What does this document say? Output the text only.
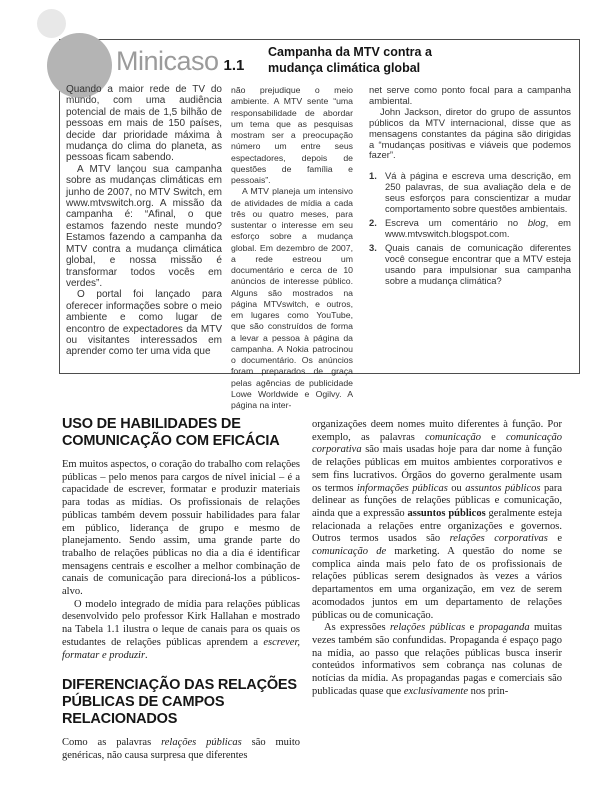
Minicaso 1.1
Campanha da MTV contra a mudança climática global

Quando a maior rede de TV do mundo, com uma audiência potencial de mais de 1,5 bilhão de pessoas em mais de 150 países, decide dar prioridade máxima à mudança do clima do planeta, as pessoas ficam sabendo.

A MTV lançou sua campanha sobre as mudanças climáticas em junho de 2007, no MTV Switch, em www.mtvswitch.org. A missão da campanha é: “Afinal, o que estamos fazendo neste mundo? Estamos fazendo a campanha da MTV contra a mudança climática global, e nossa missão é transformar todos vocês em verdes”.

O portal foi lançado para oferecer informações sobre o meio ambiente e como lugar de encontro de expectadores da MTV ou visitantes interessados em aprender como ter uma vida que

não prejudique o meio ambiente. A MTV sente “uma responsabilidade de abordar um tema que as pesquisas mostram ser a preocupação número um entre seus espectadores, depois de questões de família e pessoais”.

A MTV planeja um intensivo de atividades de mídia a cada três ou quatro meses, para sustentar o interesse em seu esforço sobre a mudança global. Em dezembro de 2007, a rede estreou um documentário e cerca de 10 anúncios de interesse público. Alguns são mostrados na página MTVswitch, e outros, em lugares como YouTube, que são construídos de forma a levar a pessoa à página da campanha. A Nokia patrocinou o documentário. Os anúncios foram preparados de graça pelas agências de publicidade Lowe Worldwide e Ogilvy. A página na inter-

net serve como ponto focal para a campanha ambiental.

John Jackson, diretor do grupo de assuntos públicos da MTV internacional, disse que as mensagens constantes da página são dirigidas a “mudanças positivas e viáveis que podemos fazer”.

1. Vá à página e escreva uma descrição, em 250 palavras, de sua avaliação dela e de seus esforços para conscientizar a mudar comportamento sobre questões ambientais.
2. Escreva um comentário no blog, em www.mtvswitch.blogspot.com.
3. Quais canais de comunicação diferentes você consegue encontrar que a MTV esteja usando para impulsionar sua campanha sobre a mudança climática?
USO DE HABILIDADES DE COMUNICAÇÃO COM EFICÁCIA

Em muitos aspectos, o coração do trabalho com relações públicas – pelo menos para cargos de nível inicial – é a capacidade de escrever, formatar e produzir materiais para todas as mídias. Os profissionais de relações públicas também devem possuir habilidades para falar em público, liderança de grupo e mesmo de planejamento. Sendo assim, uma grande parte do trabalho de relações públicas no dia a dia é identificar mensagens centrais e escolher a melhor combinação de canais de comunicação para direcioná-los a públicos-alvo.

O modelo integrado de mídia para relações públicas desenvolvido pelo professor Kirk Hallahan e mostrado na Tabela 1.1 ilustra o leque de canais para os quais os estudantes de relações públicas aprendem a escrever, formatar e produzir.

DIFERENCIAÇÃO DAS RELAÇÕES PÚBLICAS DE CAMPOS RELACIONADOS

Como as palavras relações públicas são muito genéricas, não causa surpresa que diferentes

organizações deem nomes muito diferentes à função. Por exemplo, as palavras comunicação e comunicação corporativa são mais usadas hoje para dar nome à função de relações públicas em muitos ambientes corporativos e sem fins lucrativos. Órgãos do governo geralmente usam os termos informações públicas ou assuntos públicos para delinear as funções de relações públicas e comunicação, ainda que a expressão assuntos públicos geralmente esteja relacionada a relações entre organizações e governos. Outros termos usados são relações corporativas e comunicação de marketing. A questão do nome se complica ainda mais pelo fato de os profissionais de relações públicas serem designados às vezes a vários departamentos em uma organização, em vez de serem acomodados juntos em um departamento de relações públicas ou de comunicação.

As expressões relações públicas e propaganda muitas vezes também são confundidas. Propaganda é espaço pago na mídia, ao passo que relações públicas busca inserir conteúdos informativos sem cobrança nas colunas de notícias da mídia. As propagandas pagas e comerciais são publicadas quase que exclusivamente nos prin-
